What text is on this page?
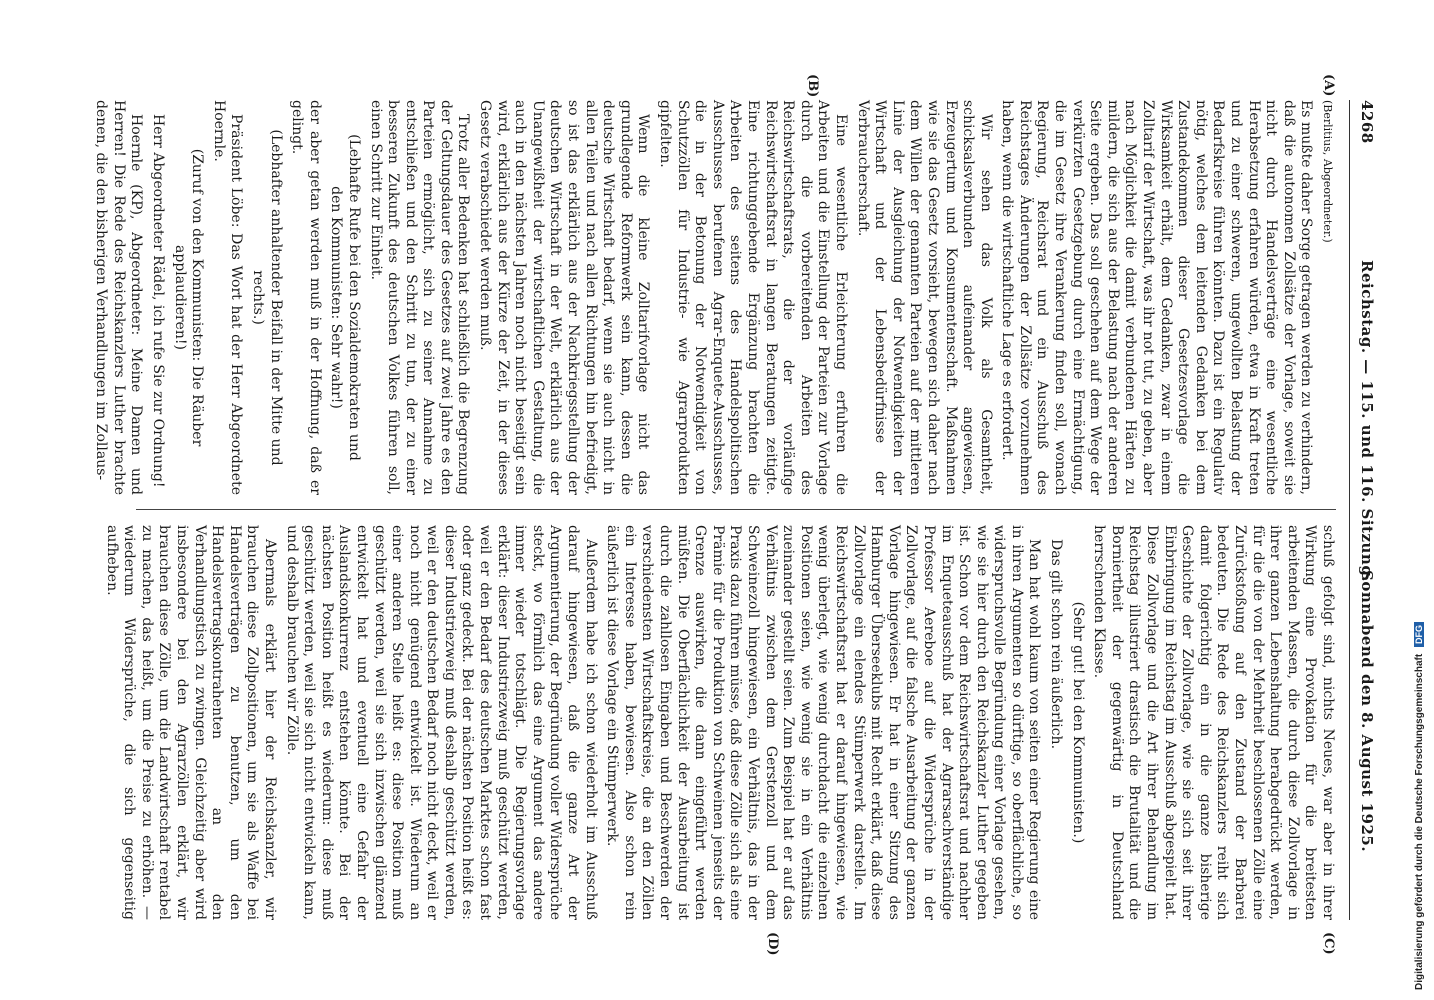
4268
Reichstag. — 115. und 116. Sitzung.
Sonnabend den 8. August 1925.
(A)
(B)
(C)
(D)

(Berlitius, Abgeordneter.)

Es mußte daher Sorge getragen werden zu verhindern, daß die autonomen Zollsätze der Vorlage, soweit sie nicht durch Handelsverträge eine wesentliche Herabsetzung erfahren würden, etwa in Kraft treten und zu einer schweren, ungewollten Belastung der Bedarfskreise führen könnten. Dazu ist ein Regulativ nötig, welches dem leitenden Gedanken bei dem Zustandekommen dieser Gesetzesvorlage die Wirksamkeit erhält, dem Gedanken, zwar in einem Zolltarif der Wirtschaft, was ihr not tut, zu geben, aber nach Möglichkeit die damit verbundenen Härten zu mildern, die sich aus der Belastung nach der anderen Seite ergeben. Das soll geschehen auf dem Wege der verkürzten Gesetzgebung durch eine Ermächtigung, die im Gesetz ihre Verankerung finden soll, wonach Regierung, Reichsrat und ein Ausschuß des Reichstages Änderungen der Zollsätze vorzunehmen haben, wenn die wirtschaftliche Lage es erfordert.

Wir sehen das Volk als Gesamtheit, schicksalsverbunden aufeinander angewiesen, Erzeugertum und Konsumentenschaft. Maßnahmen wie sie das Gesetz vorsieht, bewegen sich daher nach dem Willen der genannten Parteien auf der mittleren Linie der Ausgleichung der Notwendigkeiten der Wirtschaft und der Lebensbedürfnisse der Verbraucherschaft.

Eine wesentliche Erleichterung erfuhren die Arbeiten und die Einstellung der Parteien zur Vorlage durch die vorbereitenden Arbeiten des Reichswirtschaftsrats, die der vorläufige Reichswirtschaftsrat in langen Beratungen zeitigte. Eine richtunggebende Ergänzung brachten die Arbeiten des seitens des Handelspolitischen Ausschusses berufenen Agrar-Enquete-Ausschusses, die in der Betonung der Notwendigkeit von Schutzzöllen für Industrie- wie Agrarprodukten gipfelten.

Wenn die kleine Zolltarifvorlage nicht das grundlegende Reformwerk sein kann, dessen die deutsche Wirtschaft bedarf, wenn sie auch nicht in allen Teilen und nach allen Richtungen hin befriedigt, so ist das erklärlich aus der Nachkriegsstellung der deutschen Wirtschaft in der Welt, erklärlich aus der Unangewißheit der wirtschaftlichen Gestaltung, die auch in den nächsten Jahren noch nicht beseitigt sein wird, erklärlich aus der Kürze der Zeit, in der dieses Gesetz verabschiedet werden muß.

Trotz aller Bedenken hat schließlich die Begrenzung der Geltungsdauer des Gesetzes auf zwei Jahre es den Parteien ermöglicht, sich zu seiner Annahme zu entschließen und den Schritt zu tun, der zu einer besseren Zukunft des deutschen Volkes führen soll, einen Schritt zur Einheit.

(Lebhafte Rufe bei den Sozialdemokraten und den Kommunisten: Sehr wahr!)

der aber getan werden muß in der Hoffnung, daß er gelingt.

(Lebhafter anhaltender Beifall in der Mitte und rechts.)

Präsident Löbe: Das Wort hat der Herr Abgeordnete Hoernle.

(Zuruf von den Kommunisten: Die Räuber applaudieren!)

Herr Abgeordneter Rädel, ich rufe Sie zur Ordnung!

Hoernle (KP), Abgeordneter: Meine Damen und Herren! Die Rede des Reichskanzlers Luther brachte denen, die den bisherigen Verhandlungen im Zollaus-

schuß gefolgt sind, nichts Neues, war aber in ihrer Wirkung eine Provokation für die breitesten arbeitenden Massen, die durch diese Zollvorlage in ihrer ganzen Lebenshaltung herabgedrückt werden, für die die von der Mehrheit beschlossenen Zölle eine Zurückstoßung auf den Zustand der Barbarei bedeuten. Die Rede des Reichskanzlers reiht sich damit folgerichtig ein in die ganze bisherige Geschichte der Zollvorlage, wie sie sich seit ihrer Einbringung im Reichstag im Ausschuß abgespielt hat. Diese Zollvorlage und die Art ihrer Behandlung im Reichstag illustriert drastisch die Brutalität und die Borniertheit der gegenwärtig in Deutschland herrschenden Klasse.

(Sehr gut! bei den Kommunisten.)

Das gilt schon rein äußerlich.

Man hat wohl kaum von seiten einer Regierung eine in ihren Argumenten so dürftige, so oberflächliche, so widerspruchsvolle Begründung einer Vorlage gesehen, wie sie hier durch den Reichskanzler Luther gegeben ist. Schon vor dem Reichswirtschaftsrat und nachher im Enqueteausschuß hat der Agrarsachverständige Professor Aereboe auf die Widersprüche in der Zollvorlage, auf die falsche Ausarbeitung der ganzen Vorlage hingewiesen. Er hat in einer Sitzung des Hamburger Überseeklubs mit Recht erklärt, daß diese Zollvorlage ein elendes Stümperwerk darstelle. Im Reichswirtschaftsrat hat er darauf hingewiesen, wie wenig überlegt, wie wenig durchdacht die einzelnen Positionen seien, wie wenig sie in ein Verhältnis zueinander gestellt seien. Zum Beispiel hat er auf das Verhältnis zwischen dem Gerstenzoll und dem Schweinezoll hingewiesen, ein Verhältnis, das in der Praxis dazu führen müsse, daß diese Zölle sich als eine Prämie für die Produktion von Schweinen jenseits der Grenze auswirken, die dann eingeführt werden müßten. Die Oberflächlichkeit der Ausarbeitung ist durch die zahllosen Eingaben und Beschwerden der verschiedensten Wirtschaftskreise, die an den Zöllen ein Interesse haben, bewiesen. Also schon rein äußerlich ist diese Vorlage ein Stümperwerk.

Außerdem habe ich schon wiederholt im Ausschuß darauf hingewiesen, daß die ganze Art der Argumentierung, der Begründung voller Widersprüche steckt, wo förmlich das eine Argument das andere immer wieder totschlägt. Die Regierungsvorlage erklärt: dieser Industriezweig muß geschützt werden, weil er den Bedarf des deutschen Marktes schon fast oder ganz gedeckt. Bei der nächsten Position heißt es: dieser Industriezweig muß deshalb geschützt werden, weil er den deutschen Bedarf noch nicht deckt, weil er noch nicht genügend entwickelt ist. Wiederum an einer anderen Stelle heißt es: diese Position muß geschützt werden, weil sie sich inzwischen glänzend entwickelt hat und eventuell eine Gefahr der Auslandskonkurrenz entstehen könnte. Bei der nächsten Position heißt es wiederum: diese muß geschützt werden, weil sie sich nicht entwickeln kann, und deshalb brauchen wir Zölle.

Abermals erklärt hier der Reichskanzler, wir brauchen diese Zollpositionen, um sie als Waffe bei Handelsverträgen zu benutzen, um den Handelsvertragskontrahenten an den Verhandlungstisch zu zwingen. Gleichzeitig aber wird insbesondere bei den Agrarzöllen erklärt, wir brauchen diese Zölle, um die Landwirtschaft rentabel zu machen, das heißt, um die Preise zu erhöhen. — wiederum Widersprüche, die sich gegenseitig aufheben.

Digitalisierung gefördert durch die Deutsche Forschungsgemeinschaft DFG
